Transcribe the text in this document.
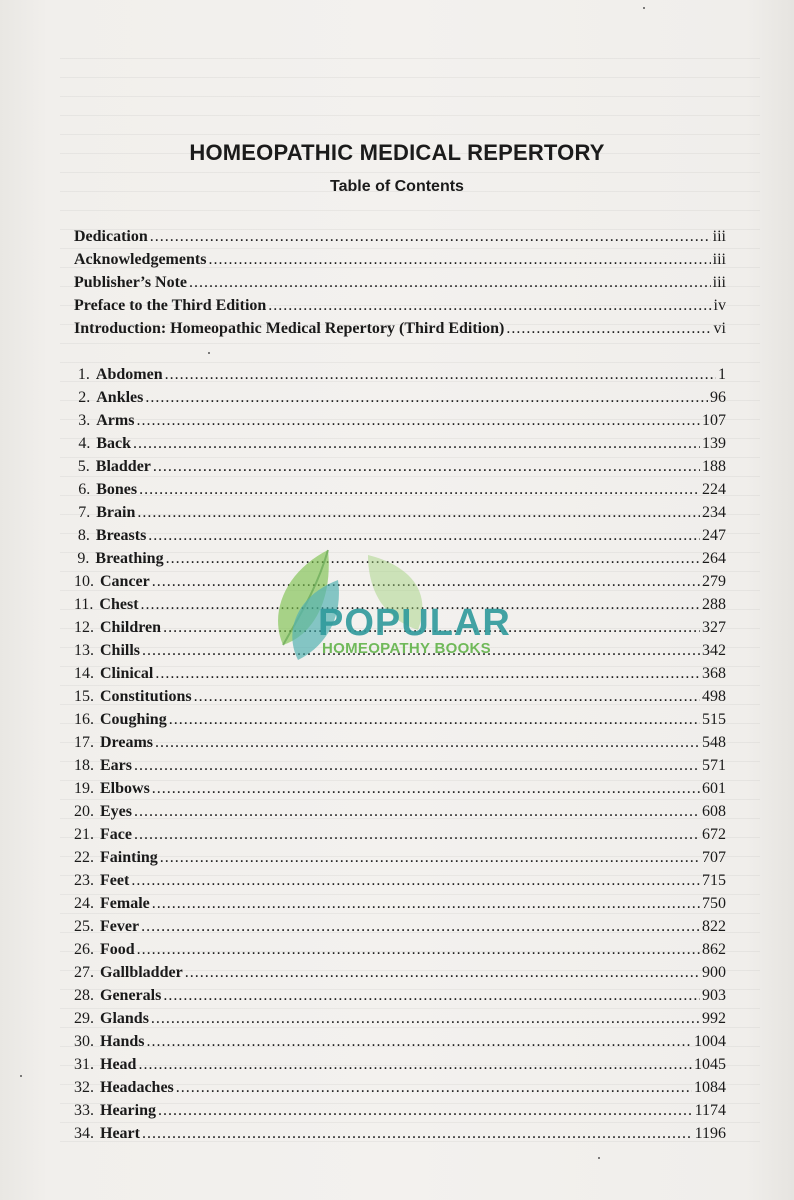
HOMEOPATHIC MEDICAL REPERTORY
Table of Contents
Dedication .....	iii
Acknowledgements .....	iii
Publisher’s Note .....	iii
Preface to the Third Edition .....	iv
Introduction: Homeopathic Medical Repertory (Third Edition) .....	vi
1. Abdomen .....	1
2. Ankles .....	96
3. Arms .....	107
4. Back .....	139
5. Bladder .....	188
6. Bones .....	224
7. Brain .....	234
8. Breasts .....	247
9. Breathing .....	264
10. Cancer .....	279
11. Chest .....	288
12. Children .....	327
13. Chills .....	342
14. Clinical .....	368
15. Constitutions .....	498
16. Coughing .....	515
17. Dreams .....	548
18. Ears .....	571
19. Elbows .....	601
20. Eyes .....	608
21. Face .....	672
22. Fainting .....	707
23. Feet .....	715
24. Female .....	750
25. Fever .....	822
26. Food .....	862
27. Gallbladder .....	900
28. Generals .....	903
29. Glands .....	992
30. Hands .....	1004
31. Head .....	1045
32. Headaches .....	1084
33. Hearing .....	1174
34. Heart .....	1196
POPULAR
HOMEOPATHY BOOKS
